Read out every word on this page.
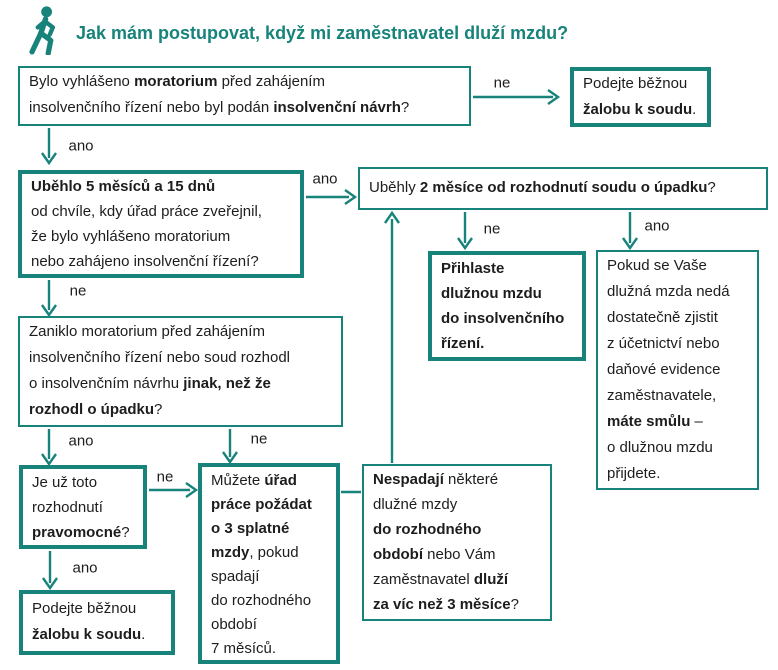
Jak mám postupovat, když mi zaměstnavatel dluží mzdu?
Bylo vyhlášeno moratorium před zahájením
insolvenčního řízení nebo byl podán insolvenční návrh?
Podejte běžnou
žalobu k soudu.
Uběhlo 5 měsíců a 15 dnů
od chvíle, kdy úřad práce zveřejnil,
že bylo vyhlášeno moratorium
nebo zahájeno insolvenční řízení?
Uběhly 2 měsíce od rozhodnutí soudu o úpadku?
Přihlaste
dlužnou mzdu
do insolvenčního
řízení.
Pokud se Vaše
dlužná mzda nedá
dostatečně zjistit
z účetnictví nebo
daňové evidence
zaměstnavatele,
máte smůlu –
o dlužnou mzdu
přijdete.
Zaniklo moratorium před zahájením
insolvenčního řízení nebo soud rozhodl
o insolvenčním návrhu jinak, než že
rozhodl o úpadku?
Je už toto
rozhodnutí
pravomocné?
Můžete úřad
práce požádat
o 3 splatné
mzdy, pokud
spadají
do rozhodného
období
7 měsíců.
Nespadají některé
dlužné mzdy
do rozhodného
období nebo Vám
zaměstnavatel dluží
za víc než 3 měsíce?
Podejte běžnou
žalobu k soudu.
ne
ano
ano
ne	ano
ne
ano	ne
ne
ano
